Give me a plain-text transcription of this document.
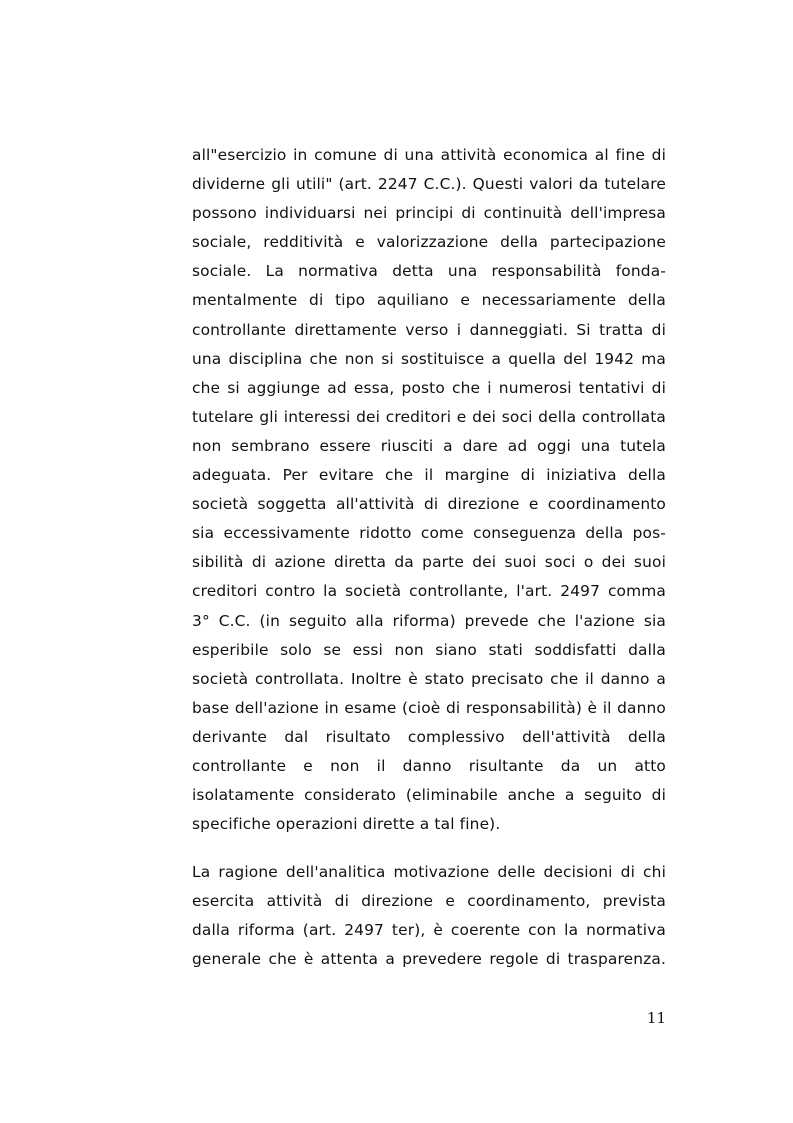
all"esercizio in comune di una attività economica al fine di
dividerne gli utili" (art. 2247 C.C.). Questi valori da tutelare
possono individuarsi nei principi di continuità dell'impresa
sociale, redditività e valorizzazione della partecipazione
sociale. La normativa detta una responsabilità fonda-
mentalmente di tipo aquiliano e necessariamente della
controllante direttamente verso i danneggiati. Si tratta di
una disciplina che non si sostituisce a quella del 1942 ma
che si aggiunge ad essa, posto che i numerosi tentativi di
tutelare gli interessi dei creditori e dei soci della controllata
non sembrano essere riusciti a dare ad oggi una tutela
adeguata. Per evitare che il margine di iniziativa della
società soggetta all'attività di direzione e coordinamento
sia eccessivamente ridotto come conseguenza della pos-
sibilità di azione diretta da parte dei suoi soci o dei suoi
creditori contro la società controllante, l'art. 2497 comma
3° C.C. (in seguito alla riforma) prevede che l'azione sia
esperibile solo se essi non siano stati soddisfatti dalla
società controllata. Inoltre è stato precisato che il danno a
base dell'azione in esame (cioè di responsabilità) è il danno
derivante dal risultato complessivo dell'attività della
controllante e non il danno risultante da un atto
isolatamente considerato (eliminabile anche a seguito di
specifiche operazioni dirette a tal fine).
La ragione dell'analitica motivazione delle decisioni di chi
esercita attività di direzione e coordinamento, prevista
dalla riforma (art. 2497 ter), è coerente con la normativa
generale che è attenta a prevedere regole di trasparenza.
11
